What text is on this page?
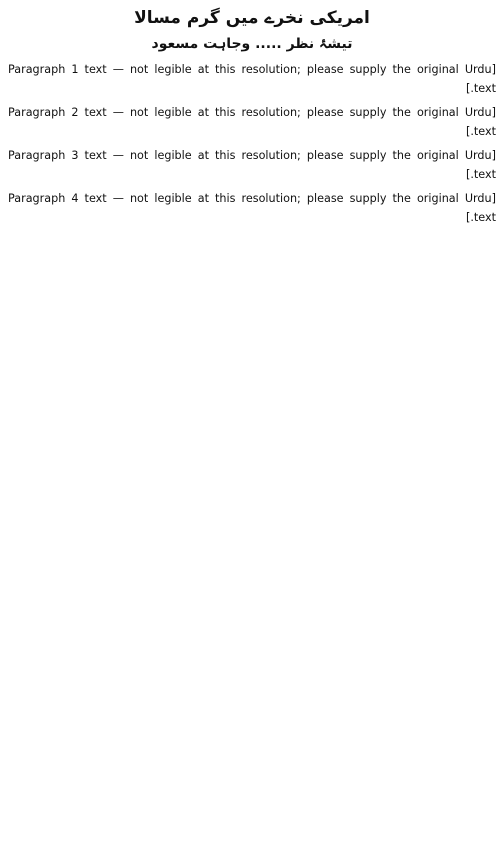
امریکی نخرے میں گرم مسالا
تیشۂ نظر ..... وجاہت مسعود

[Paragraph 1 text — not legible at this resolution; please supply the original Urdu text.]

[Paragraph 2 text — not legible at this resolution; please supply the original Urdu text.]

[Paragraph 3 text — not legible at this resolution; please supply the original Urdu text.]

[Paragraph 4 text — not legible at this resolution; please supply the original Urdu text.]
